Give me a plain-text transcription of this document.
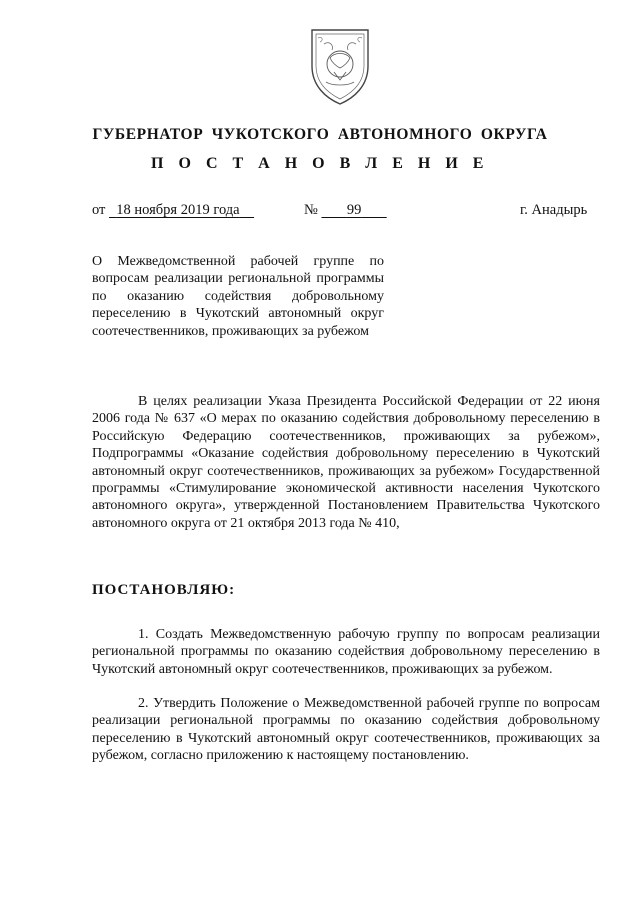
ГУБЕРНАТОР ЧУКОТСКОГО АВТОНОМНОГО ОКРУГА
П О С Т А Н О В Л Е Н И Е
от 18 ноября 2019 года	№ 99	г. Анадырь
О Межведомственной рабочей группе по вопросам реализации региональной программы по оказанию содействия добровольному переселению в Чукотский автономный округ соотечественников, проживающих за рубежом
В целях реализации Указа Президента Российской Федерации от 22 июня 2006 года № 637 «О мерах по оказанию содействия добровольному переселению в Российскую Федерацию соотечественников, проживающих за рубежом», Подпрограммы «Оказание содействия добровольному переселению в Чукотский автономный округ соотечественников, проживающих за рубежом» Государственной программы «Стимулирование экономической активности населения Чукотского автономного округа», утвержденной Постановлением Правительства Чукотского автономного округа от 21 октября 2013 года № 410,
ПОСТАНОВЛЯЮ:
1. Создать Межведомственную рабочую группу по вопросам реализации региональной программы по оказанию содействия добровольному переселению в Чукотский автономный округ соотечественников, проживающих за рубежом.
2. Утвердить Положение о Межведомственной рабочей группе по вопросам реализации региональной программы по оказанию содействия добровольному переселению в Чукотский автономный округ соотечественников, проживающих за рубежом, согласно приложению к настоящему постановлению.
